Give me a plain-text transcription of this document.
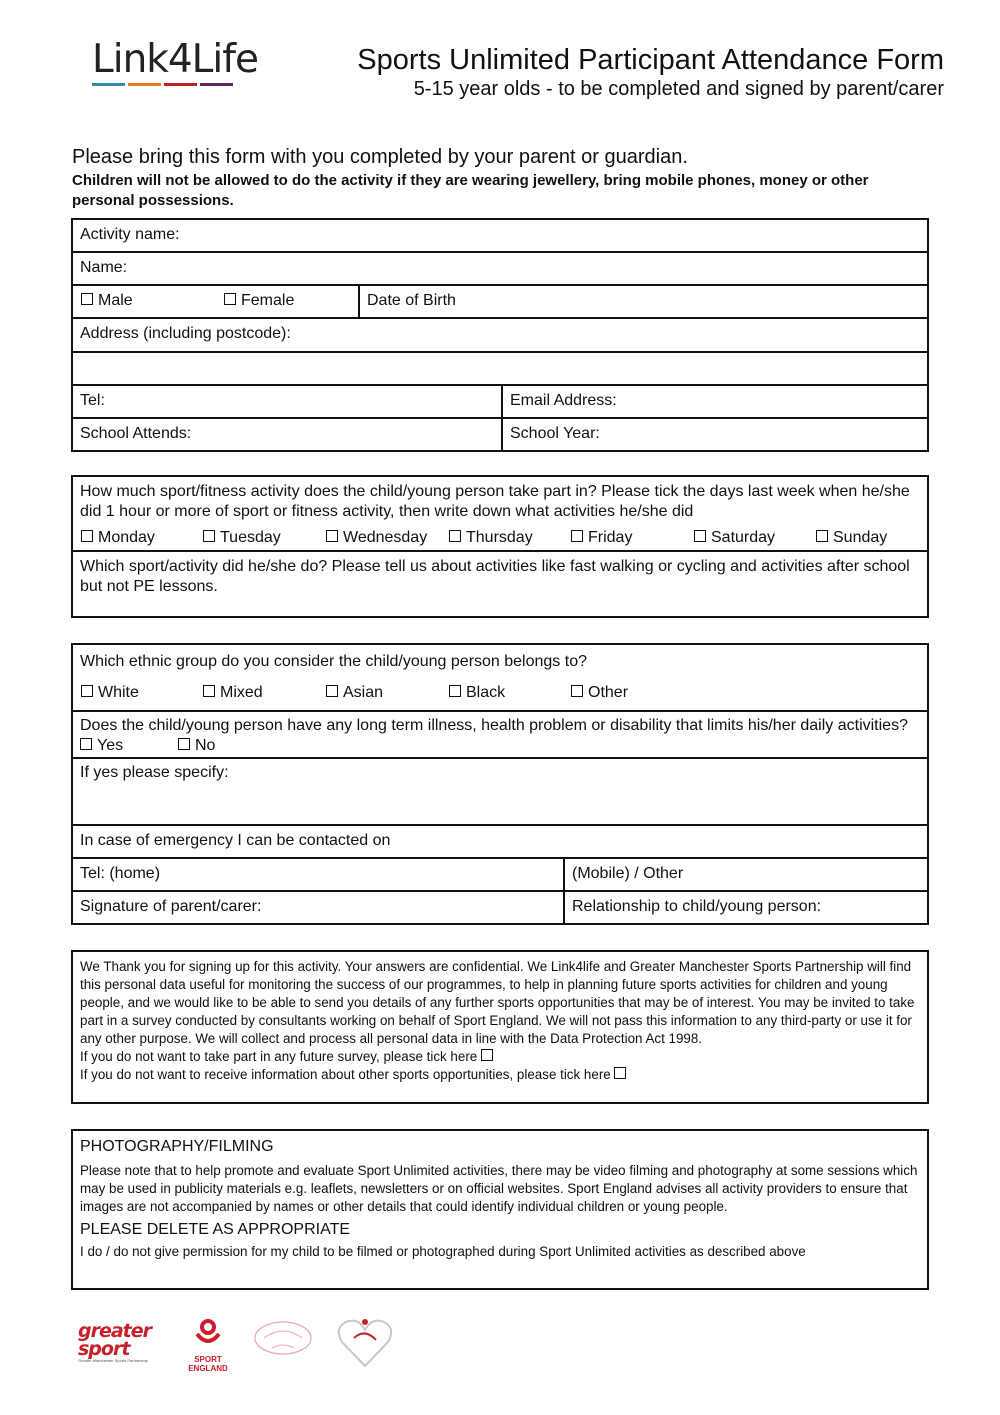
Link4Life	Sports Unlimited Participant Attendance Form
5-15 year olds - to be completed and signed by parent/carer
Please bring this form with you completed by your parent or guardian.
Children will not be allowed to do the activity if they are wearing jewellery, bring mobile phones, money or other personal possessions.
Activity name:
Name:
Male	Female	Date of Birth
Address (including postcode):
Tel:	Email Address:
School Attends:	School Year:
How much sport/fitness activity does the child/young person take part in? Please tick the days last week when he/she did 1 hour or more of sport or fitness activity, then write down what activities he/she did
Monday	Tuesday	Wednesday	Thursday	Friday	Saturday	Sunday
Which sport/activity did he/she do? Please tell us about activities like fast walking or cycling and activities after school but not PE lessons.
Which ethnic group do you consider the child/young person belongs to?
White	Mixed	Asian	Black	Other
Does the child/young person have any long term illness, health problem or disability that limits his/her daily activities? Yes	No
If yes please specify:
In case of emergency I can be contacted on
Tel: (home)	(Mobile) / Other
Signature of parent/carer:	Relationship to child/young person:
We Thank you for signing up for this activity. Your answers are confidential. We Link4life and Greater Manchester Sports Partnership will find this personal data useful for monitoring the success of our programmes, to help in planning future sports activities for children and young people, and we would like to be able to send you details of any further sports opportunities that may be of interest. You may be invited to take part in a survey conducted by consultants working on behalf of Sport England. We will not pass this information to any third-party or use it for any other purpose. We will collect and process all personal data in line with the Data Protection Act 1998.
If you do not want to take part in any future survey, please tick here
If you do not want to receive information about other sports opportunities, please tick here
PHOTOGRAPHY/FILMING
Please note that to help promote and evaluate Sport Unlimited activities, there may be video filming and photography at some sessions which may be used in publicity materials e.g. leaflets, newsletters or on official websites. Sport England advises all activity providers to ensure that images are not accompanied by names or other details that could identify individual children or young people.
PLEASE DELETE AS APPROPRIATE
I do / do not give permission for my child to be filmed or photographed during Sport Unlimited activities as described above
greater sport
Greater Manchester Sports Partnership	SPORT
ENGLAND
